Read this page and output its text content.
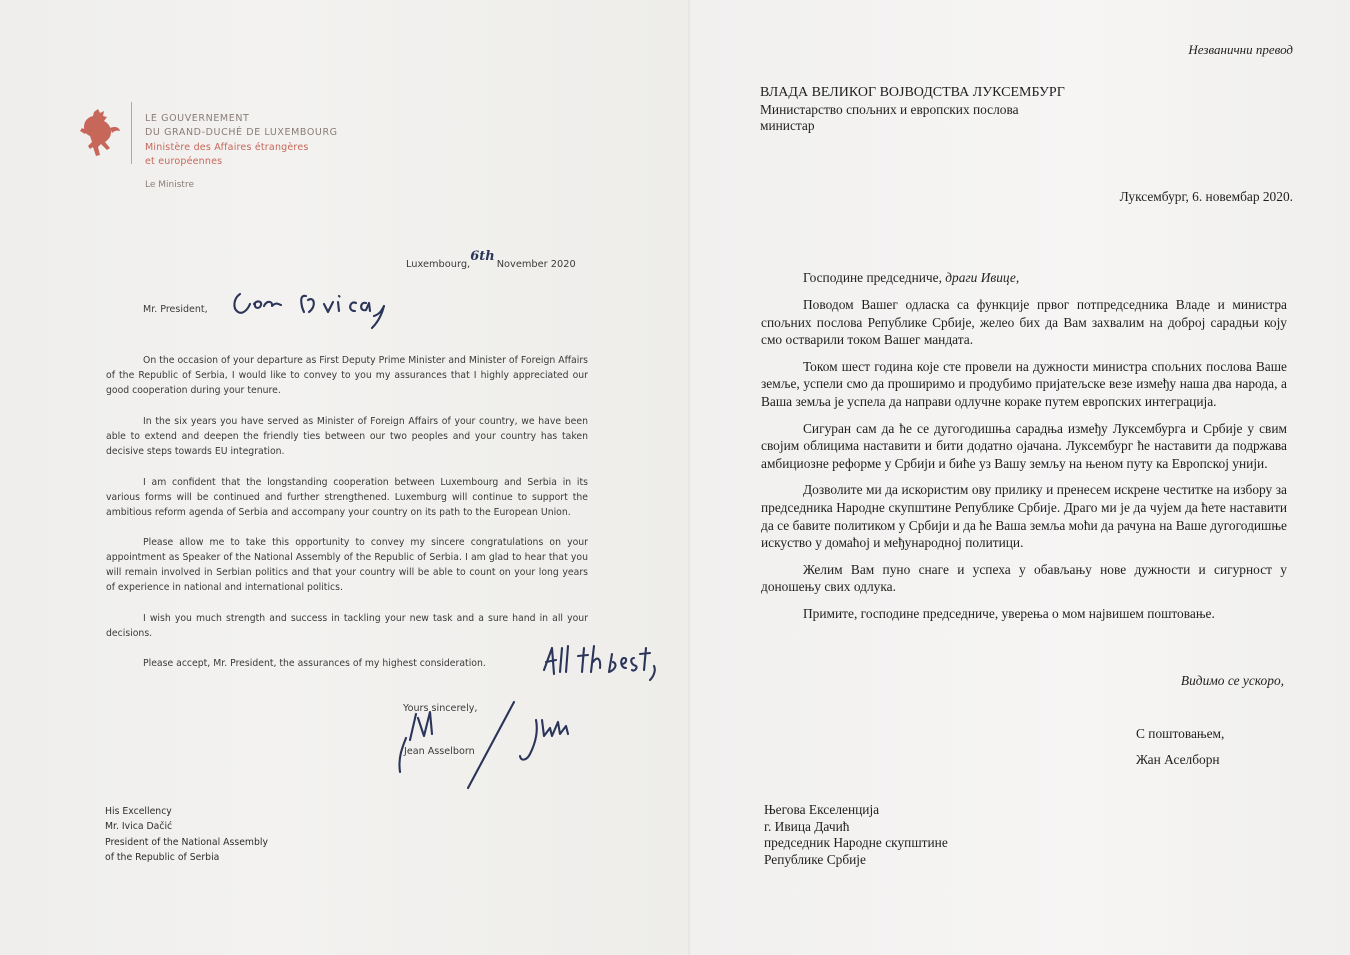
LE GOUVERNEMENT
DU GRAND-DUCHÉ DE LUXEMBOURG
Ministère des Affaires étrangères
et européennes
Le Ministre
Luxembourg,6thNovember 2020
Mr. President,

On the occasion of your departure as First Deputy Prime Minister and Minister of Foreign Affairs of the Republic of Serbia, I would like to convey to you my assurances that I highly appreciated our good cooperation during your tenure.

In the six years you have served as Minister of Foreign Affairs of your country, we have been able to extend and deepen the friendly ties between our two peoples and your country has taken decisive steps towards EU integration.

I am confident that the longstanding cooperation between Luxembourg and Serbia in its various forms will be continued and further strengthened. Luxemburg will continue to support the ambitious reform agenda of Serbia and accompany your country on its path to the European Union.

Please allow me to take this opportunity to convey my sincere congratulations on your appointment as Speaker of the National Assembly of the Republic of Serbia. I am glad to hear that you will remain involved in Serbian politics and that your country will be able to count on your long years of experience in national and international politics.

I wish you much strength and success in tackling your new task and a sure hand in all your decisions.

Please accept, Mr. President, the assurances of my highest consideration.

Yours sincerely,
Jean Asselborn
His Excellency
Mr. Ivica Dačić
President of the National Assembly
of the Republic of Serbia
Незванични превод
ВЛАДА ВЕЛИКОГ ВОЈВОДСТВА ЛУКСЕМБУРГ
Министарство спољних и европских послова
министар
Луксембург, 6. новембар 2020.
Господине председниче, драги Ивице,

Поводом Вашег одласка са функције првог потпредседника Владе и министра спољних послова Републике Србије, желео бих да Вам захвалим на доброј сарадњи коју смо остварили током Вашег мандата.

Током шест година које сте провели на дужности министра спољних послова Ваше земље, успели смо да проширимо и продубимо пријатељске везе између наша два народа, а Ваша земља је успела да направи одлучне кораке путем европских интеграција.

Сигуран сам да ће се дугогодишња сарадња између Луксембурга и Србије у свим својим облицима наставити и бити додатно ојачана. Луксембург ће наставити да подржава амбициозне реформе у Србији и биће уз Вашу земљу на њеном путу ка Европској унији.

Дозволите ми да искористим ову прилику и пренесем искрене честитке на избору за председника Народне скупштине Републике Србије. Драго ми је да чујем да ћете наставити да се бавите политиком у Србији и да ће Ваша земља моћи да рачуна на Ваше дугогодишње искуство у домаћој и међународној политици.

Желим Вам пуно снаге и успеха у обављању нове дужности и сигурност у доношењу свих одлука.

Примите, господине председниче, уверења о мом највишем поштовање.

Видимо се ускоро,
С поштовањем,
Жан Аселборн
Његова Екселенција
г. Ивица Дачић
председник Народне скупштине
Републике Србије
